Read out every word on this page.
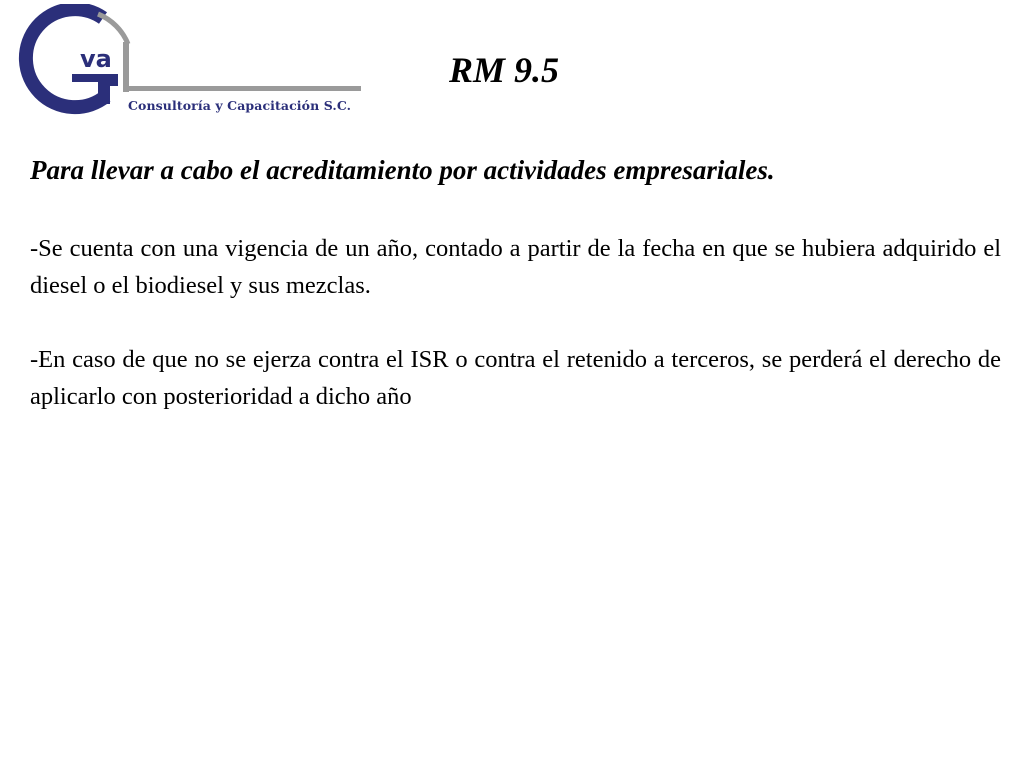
va
Consultoría y Capacitación S.C.
RM 9.5
Para llevar a cabo el acreditamiento por actividades empresariales.

-Se cuenta con una vigencia de un año, contado a partir de la fecha en que se hubiera adquirido el diesel o el biodiesel y sus mezclas.

-En caso de que no se ejerza contra el ISR o contra el retenido a terceros, se perderá el derecho de aplicarlo con posterioridad a dicho año
